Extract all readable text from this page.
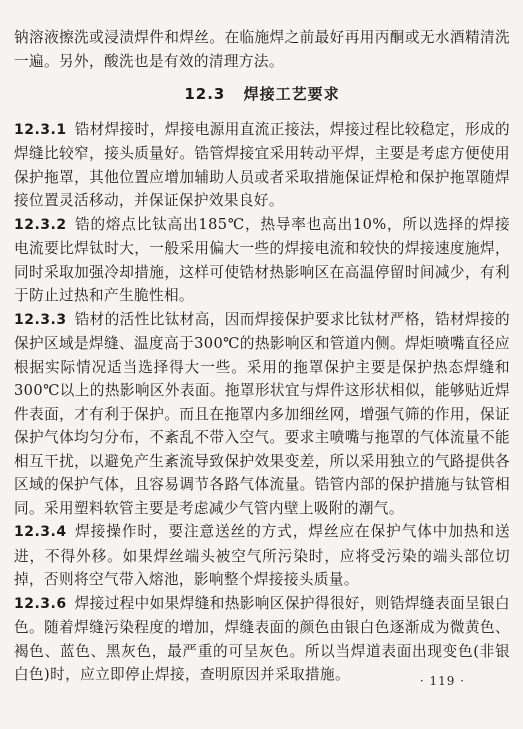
钠溶液擦洗或浸渍焊件和焊丝。在临施焊之前最好再用丙酮或无水酒精清洗一遍。另外，酸洗也是有效的清理方法。

12.3 焊接工艺要求

12.3.1 锆材焊接时，焊接电源用直流正接法，焊接过程比较稳定，形成的焊缝比较窄，接头质量好。锆管焊接宜采用转动平焊，主要是考虑方便使用保护拖罩，其他位置应增加辅助人员或者采取措施保证焊枪和保护拖罩随焊接位置灵活移动，并保证保护效果良好。

12.3.2 锆的熔点比钛高出185℃，热导率也高出10%，所以选择的焊接电流要比焊钛时大，一般采用偏大一些的焊接电流和较快的焊接速度施焊，同时采取加强冷却措施，这样可使锆材热影响区在高温停留时间减少，有利于防止过热和产生脆性相。

12.3.3 锆材的活性比钛材高，因而焊接保护要求比钛材严格，锆材焊接的保护区域是焊缝、温度高于300℃的热影响区和管道内侧。焊炬喷嘴直径应根据实际情况适当选择得大一些。采用的拖罩保护主要是保护热态焊缝和300℃以上的热影响区外表面。拖罩形状宜与焊件这形状相似，能够贴近焊件表面，才有利于保护。而且在拖罩内多加细丝网，增强气筛的作用，保证保护气体均匀分布，不紊乱不带入空气。要求主喷嘴与拖罩的气体流量不能相互干扰，以避免产生紊流导致保护效果变差，所以采用独立的气路提供各区域的保护气体，且容易调节各路气体流量。锆管内部的保护措施与钛管相同。采用塑料软管主要是考虑减少气管内壁上吸附的潮气。

12.3.4 焊接操作时，要注意送丝的方式，焊丝应在保护气体中加热和送进，不得外移。如果焊丝端头被空气所污染时，应将受污染的端头部位切掉，否则将空气带入熔池，影响整个焊接接头质量。

12.3.6 焊接过程中如果焊缝和热影响区保护得很好，则锆焊缝表面呈银白色。随着焊缝污染程度的增加，焊缝表面的颜色由银白色逐渐成为微黄色、褐色、蓝色、黑灰色，最严重的可呈灰色。所以当焊道表面出现变色(非银白色)时，应立即停止焊接，查明原因并采取措施。	· 119 ·
